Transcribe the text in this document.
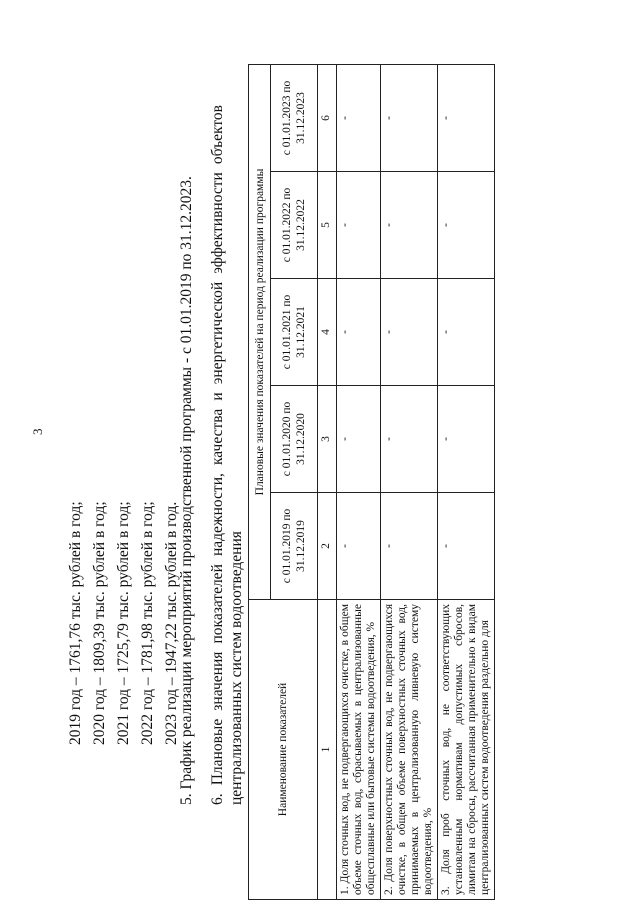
3
2019 год – 1761,76 тыс. рублей в год; 2020 год – 1809,39 тыс. рублей в год; 2021 год – 1725,79 тыс. рублей в год; 2022 год – 1781,98 тыс. рублей в год; 2023 год – 1947,22 тыс. рублей в год.
5. График реализации мероприятий производственной программы - с 01.01.2019 по 31.12.2023. 6. Плановые значения показателей надежности, качества и энергетической эффективности объектов централизованных систем водоотведения	Наименование показателей	Плановые значения показателей на период реализации программы				
	с 01.01.2019 по 31.12.2019	с 01.01.2020 по 31.12.2020	с 01.01.2021 по 31.12.2021	с 01.01.2022 по 31.12.2022	с 01.01.2023 по 31.12.2023
1	2	3	4	5	6
1. Доля сточных вод, не подвергающихся очистке, в общем объеме сточных вод, сбрасываемых в централизованные общесплавные или бытовые системы водоотведения, %	-	-	-	-	-
2. Доля поверхностных сточных вод, не подвергающихся очистке, в общем объеме поверхностных сточных вод, принимаемых в централизованную ливневую систему водоотведения, %	-	-	-	-	-
3. Доля проб сточных вод, не соответствующих установленным нормативам допустимых сбросов, лимитам на сбросы, рассчитанная применительно к видам централизованных систем водоотведения раздельно для	-	-	-	-	-
